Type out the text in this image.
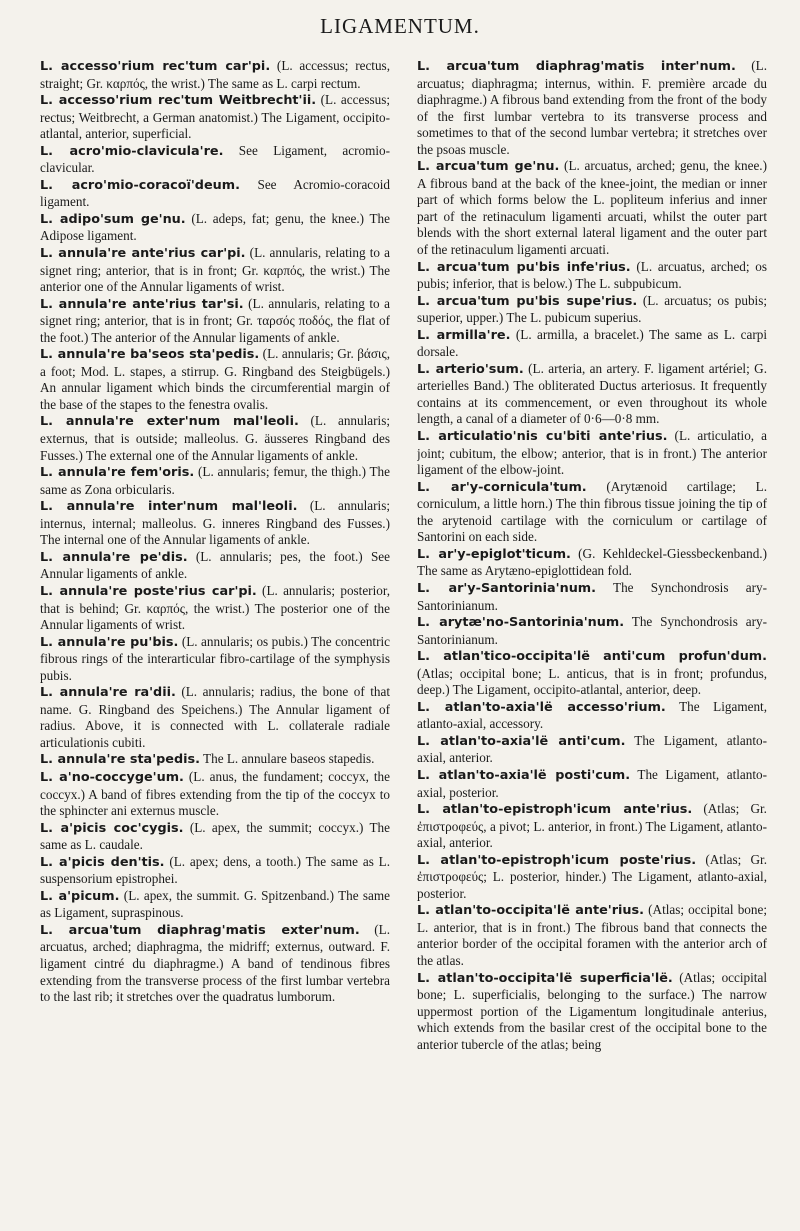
LIGAMENTUM.

L. accesso'rium rec'tum car'pi. (L. accessus; rectus, straight; Gr. καρπός, the wrist.) The same as L. carpi rectum.

L. accesso'rium rec'tum Weitbrecht'ii. (L. accessus; rectus; Weitbrecht, a German anatomist.) The Ligament, occipito-atlantal, anterior, superficial.

L. acro'mio-clavicula're. See Ligament, acromio-clavicular.

L. acro'mio-coracoï'deum. See Acromio-coracoid ligament.

L. adipo'sum ge'nu. (L. adeps, fat; genu, the knee.) The Adipose ligament.

L. annula're ante'rius car'pi. (L. annularis, relating to a signet ring; anterior, that is in front; Gr. καρπός, the wrist.) The anterior one of the Annular ligaments of wrist.

L. annula're ante'rius tar'si. (L. annularis, relating to a signet ring; anterior, that is in front; Gr. ταρσός ποδός, the flat of the foot.) The anterior of the Annular ligaments of ankle.

L. annula're ba'seos sta'pedis. (L. annularis; Gr. βάσις, a foot; Mod. L. stapes, a stirrup. G. Ringband des Steigbügels.) An annular ligament which binds the circumferential margin of the base of the stapes to the fenestra ovalis.

L. annula're exter'num mal'leoli. (L. annularis; externus, that is outside; malleolus. G. äusseres Ringband des Fusses.) The external one of the Annular ligaments of ankle.

L. annula're fem'oris. (L. annularis; femur, the thigh.) The same as Zona orbicularis.

L. annula're inter'num mal'leoli. (L. annularis; internus, internal; malleolus. G. inneres Ringband des Fusses.) The internal one of the Annular ligaments of ankle.

L. annula're pe'dis. (L. annularis; pes, the foot.) See Annular ligaments of ankle.

L. annula're poste'rius car'pi. (L. annularis; posterior, that is behind; Gr. καρπός, the wrist.) The posterior one of the Annular ligaments of wrist.

L. annula're pu'bis. (L. annularis; os pubis.) The concentric fibrous rings of the interarticular fibro-cartilage of the symphysis pubis.

L. annula're ra'dii. (L. annularis; radius, the bone of that name. G. Ringband des Speichens.) The Annular ligament of radius. Above, it is connected with L. collaterale radiale articulationis cubiti.

L. annula're sta'pedis. The L. annulare baseos stapedis.

L. a'no-coccyge'um. (L. anus, the fundament; coccyx, the coccyx.) A band of fibres extending from the tip of the coccyx to the sphincter ani externus muscle.

L. a'picis coc'cygis. (L. apex, the summit; coccyx.) The same as L. caudale.

L. a'picis den'tis. (L. apex; dens, a tooth.) The same as L. suspensorium epistrophei.

L. a'picum. (L. apex, the summit. G. Spitzenband.) The same as Ligament, supraspinous.

L. arcua'tum diaphrag'matis exter'num. (L. arcuatus, arched; diaphragma, the midriff; externus, outward. F. ligament cintré du diaphragme.) A band of tendinous fibres extending from the transverse process of the first lumbar vertebra to the last rib; it stretches over the quadratus lumborum.

L. arcua'tum diaphrag'matis inter'num. (L. arcuatus; diaphragma; internus, within. F. première arcade du diaphragme.) A fibrous band extending from the front of the body of the first lumbar vertebra to its transverse process and sometimes to that of the second lumbar vertebra; it stretches over the psoas muscle.

L. arcua'tum ge'nu. (L. arcuatus, arched; genu, the knee.) A fibrous band at the back of the knee-joint, the median or inner part of which forms below the L. popliteum inferius and inner part of the retinaculum ligamenti arcuati, whilst the outer part blends with the short external lateral ligament and the outer part of the retinaculum ligamenti arcuati.

L. arcua'tum pu'bis infe'rius. (L. arcuatus, arched; os pubis; inferior, that is below.) The L. subpubicum.

L. arcua'tum pu'bis supe'rius. (L. arcuatus; os pubis; superior, upper.) The L. pubicum superius.

L. armilla're. (L. armilla, a bracelet.) The same as L. carpi dorsale.

L. arterio'sum. (L. arteria, an artery. F. ligament artériel; G. arterielles Band.) The obliterated Ductus arteriosus. It frequently contains at its commencement, or even throughout its whole length, a canal of a diameter of 0·6—0·8 mm.

L. articulatio'nis cu'biti ante'rius. (L. articulatio, a joint; cubitum, the elbow; anterior, that is in front.) The anterior ligament of the elbow-joint.

L. ar'y-cornicula'tum. (Arytænoid cartilage; L. corniculum, a little horn.) The thin fibrous tissue joining the tip of the arytenoid cartilage with the corniculum or cartilage of Santorini on each side.

L. ar'y-epiglot'ticum. (G. Kehldeckel-Giessbeckenband.) The same as Arytæno-epiglottidean fold.

L. ar'y-Santorinia'num. The Synchondrosis ary-Santorinianum.

L. arytæ'no-Santorinia'num. The Synchondrosis ary-Santorinianum.

L. atlan'tico-occipita'lë anti'cum profun'dum. (Atlas; occipital bone; L. anticus, that is in front; profundus, deep.) The Ligament, occipito-atlantal, anterior, deep.

L. atlan'to-axia'lë accesso'rium. The Ligament, atlanto-axial, accessory.

L. atlan'to-axia'lë anti'cum. The Ligament, atlanto-axial, anterior.

L. atlan'to-axia'lë posti'cum. The Ligament, atlanto-axial, posterior.

L. atlan'to-epistroph'icum ante'rius. (Atlas; Gr. ἐπιστροφεύς, a pivot; L. anterior, in front.) The Ligament, atlanto-axial, anterior.

L. atlan'to-epistroph'icum poste'rius. (Atlas; Gr. ἐπιστροφεύς; L. posterior, hinder.) The Ligament, atlanto-axial, posterior.

L. atlan'to-occipita'lë ante'rius. (Atlas; occipital bone; L. anterior, that is in front.) The fibrous band that connects the anterior border of the occipital foramen with the anterior arch of the atlas.

L. atlan'to-occipita'lë superficia'lë. (Atlas; occipital bone; L. superficialis, belonging to the surface.) The narrow uppermost portion of the Ligamentum longitudinale anterius, which extends from the basilar crest of the occipital bone to the anterior tubercle of the atlas; being
